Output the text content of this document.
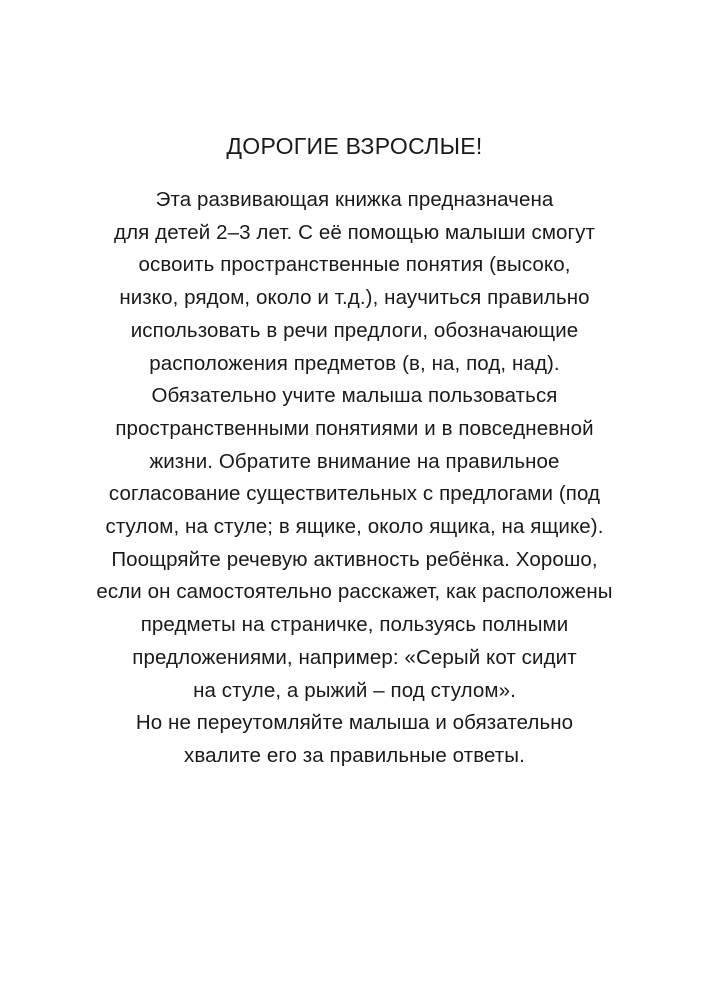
ДОРОГИЕ ВЗРОСЛЫЕ!
Эта развивающая книжка предназначена
для детей 2–3 лет. С её помощью малыши смогут
освоить пространственные понятия (высоко,
низко, рядом, около и т.д.), научиться правильно
использовать в речи предлоги, обозначающие
расположения предметов (в, на, под, над).
Обязательно учите малыша пользоваться
пространственными понятиями и в повседневной
жизни. Обратите внимание на правильное
согласование существительных с предлогами (под
стулом, на стуле; в ящике, около ящика, на ящике).
Поощряйте речевую активность ребёнка. Хорошо,
если он самостоятельно расскажет, как расположены
предметы на страничке, пользуясь полными
предложениями, например: «Серый кот сидит
на стуле, а рыжий – под стулом».
Но не переутомляйте малыша и обязательно
хвалите его за правильные ответы.
